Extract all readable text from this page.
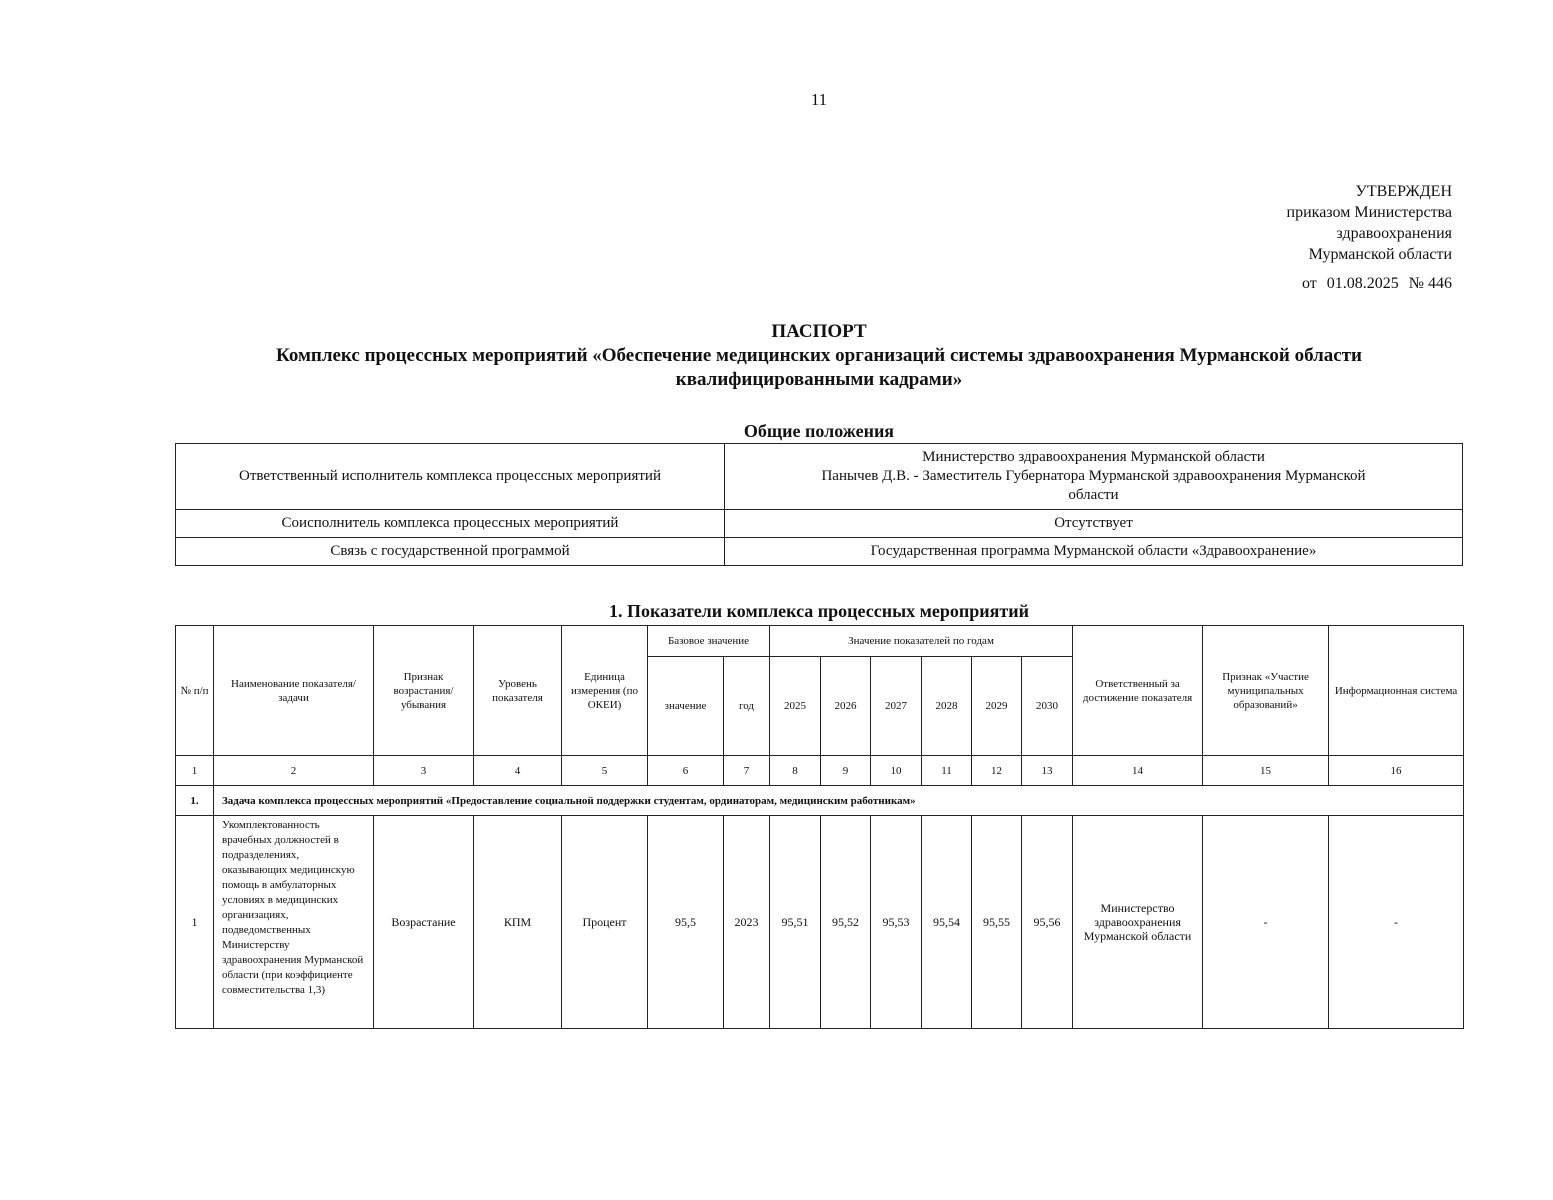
11
УТВЕРЖДЕН
приказом Министерства
здравоохранения
Мурманской области
от 01.08.2025 № 446
ПАСПОРТ
Комплекс процессных мероприятий «Обеспечение медицинских организаций системы здравоохранения Мурманской области
квалифицированными кадрами»
Общие положения
Ответственный исполнитель комплекса процессных мероприятий	Министерство здравоохранения Мурманской области
Панычев Д.В. - Заместитель Губернатора Мурманской здравоохранения Мурманской
области

Соисполнитель комплекса процессных мероприятий	Отсутствует
Связь с государственной программой	Государственная программа Мурманской области «Здравоохранение»
1. Показатели комплекса процессных мероприятий
№ п/п	Наименование показателя/задачи	Признак возрастания/ убывания	Уровень показателя	Единица измерения (по ОКЕИ)	Базовое значение		Значение показателей по годам						Ответственный за достижение показателя	Признак «Участие муниципальных образований»	Информационная система
					значение	год	2025	2026	2027	2028	2029	2030			
1	2	3	4	5	6	7	8	9	10	11	12	13	14	15	16
1.	Задача комплекса процессных мероприятий «Предоставление социальной поддержки студентам, ординаторам, медицинским работникам»														
1	Укомплектованность врачебных должностей в подразделениях, оказывающих медицинскую помощь в амбулаторных условиях в медицинских организациях, подведомственных Министерству здравоохранения Мурманской области (при коэффициенте совместительства 1,3)	Возрастание	КПМ	Процент	95,5	2023	95,51	95,52	95,53	95,54	95,55	95,56	Министерство здравоохранения Мурманской области	-	-
